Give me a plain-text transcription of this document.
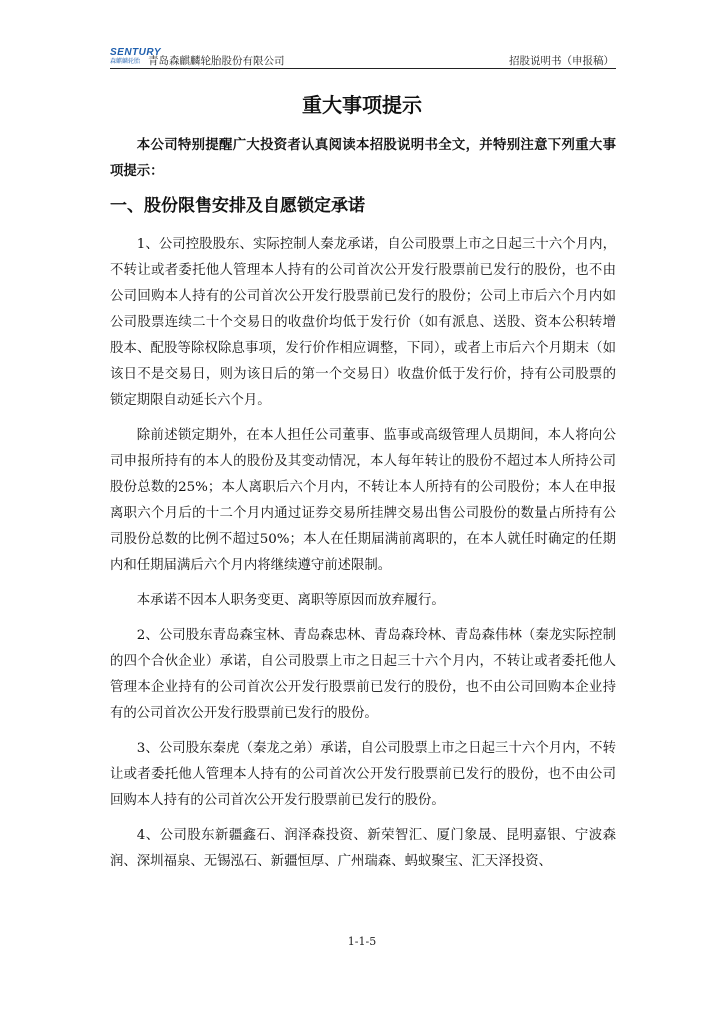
SENTURY
森麒麟轮胎 青岛森麒麟轮胎股份有限公司	招股说明书（申报稿）
重大事项提示

本公司特别提醒广大投资者认真阅读本招股说明书全文，并特别注意下列重大事项提示：

一、股份限售安排及自愿锁定承诺

1、公司控股股东、实际控制人秦龙承诺，自公司股票上市之日起三十六个月内，不转让或者委托他人管理本人持有的公司首次公开发行股票前已发行的股份，也不由公司回购本人持有的公司首次公开发行股票前已发行的股份；公司上市后六个月内如公司股票连续二十个交易日的收盘价均低于发行价（如有派息、送股、资本公积转增股本、配股等除权除息事项，发行价作相应调整，下同），或者上市后六个月期末（如该日不是交易日，则为该日后的第一个交易日）收盘价低于发行价，持有公司股票的锁定期限自动延长六个月。

除前述锁定期外，在本人担任公司董事、监事或高级管理人员期间，本人将向公司申报所持有的本人的股份及其变动情况，本人每年转让的股份不超过本人所持公司股份总数的25%；本人离职后六个月内，不转让本人所持有的公司股份；本人在申报离职六个月后的十二个月内通过证券交易所挂牌交易出售公司股份的数量占所持有公司股份总数的比例不超过50%；本人在任期届满前离职的，在本人就任时确定的任期内和任期届满后六个月内将继续遵守前述限制。

本承诺不因本人职务变更、离职等原因而放弃履行。

2、公司股东青岛森宝林、青岛森忠林、青岛森玲林、青岛森伟林（秦龙实际控制的四个合伙企业）承诺，自公司股票上市之日起三十六个月内，不转让或者委托他人管理本企业持有的公司首次公开发行股票前已发行的股份，也不由公司回购本企业持有的公司首次公开发行股票前已发行的股份。

3、公司股东秦虎（秦龙之弟）承诺，自公司股票上市之日起三十六个月内，不转让或者委托他人管理本人持有的公司首次公开发行股票前已发行的股份，也不由公司回购本人持有的公司首次公开发行股票前已发行的股份。

4、公司股东新疆鑫石、润泽森投资、新荣智汇、厦门象晟、昆明嘉银、宁波森润、深圳福泉、无锡泓石、新疆恒厚、广州瑞森、蚂蚁聚宝、汇天泽投资、

1-1-5
